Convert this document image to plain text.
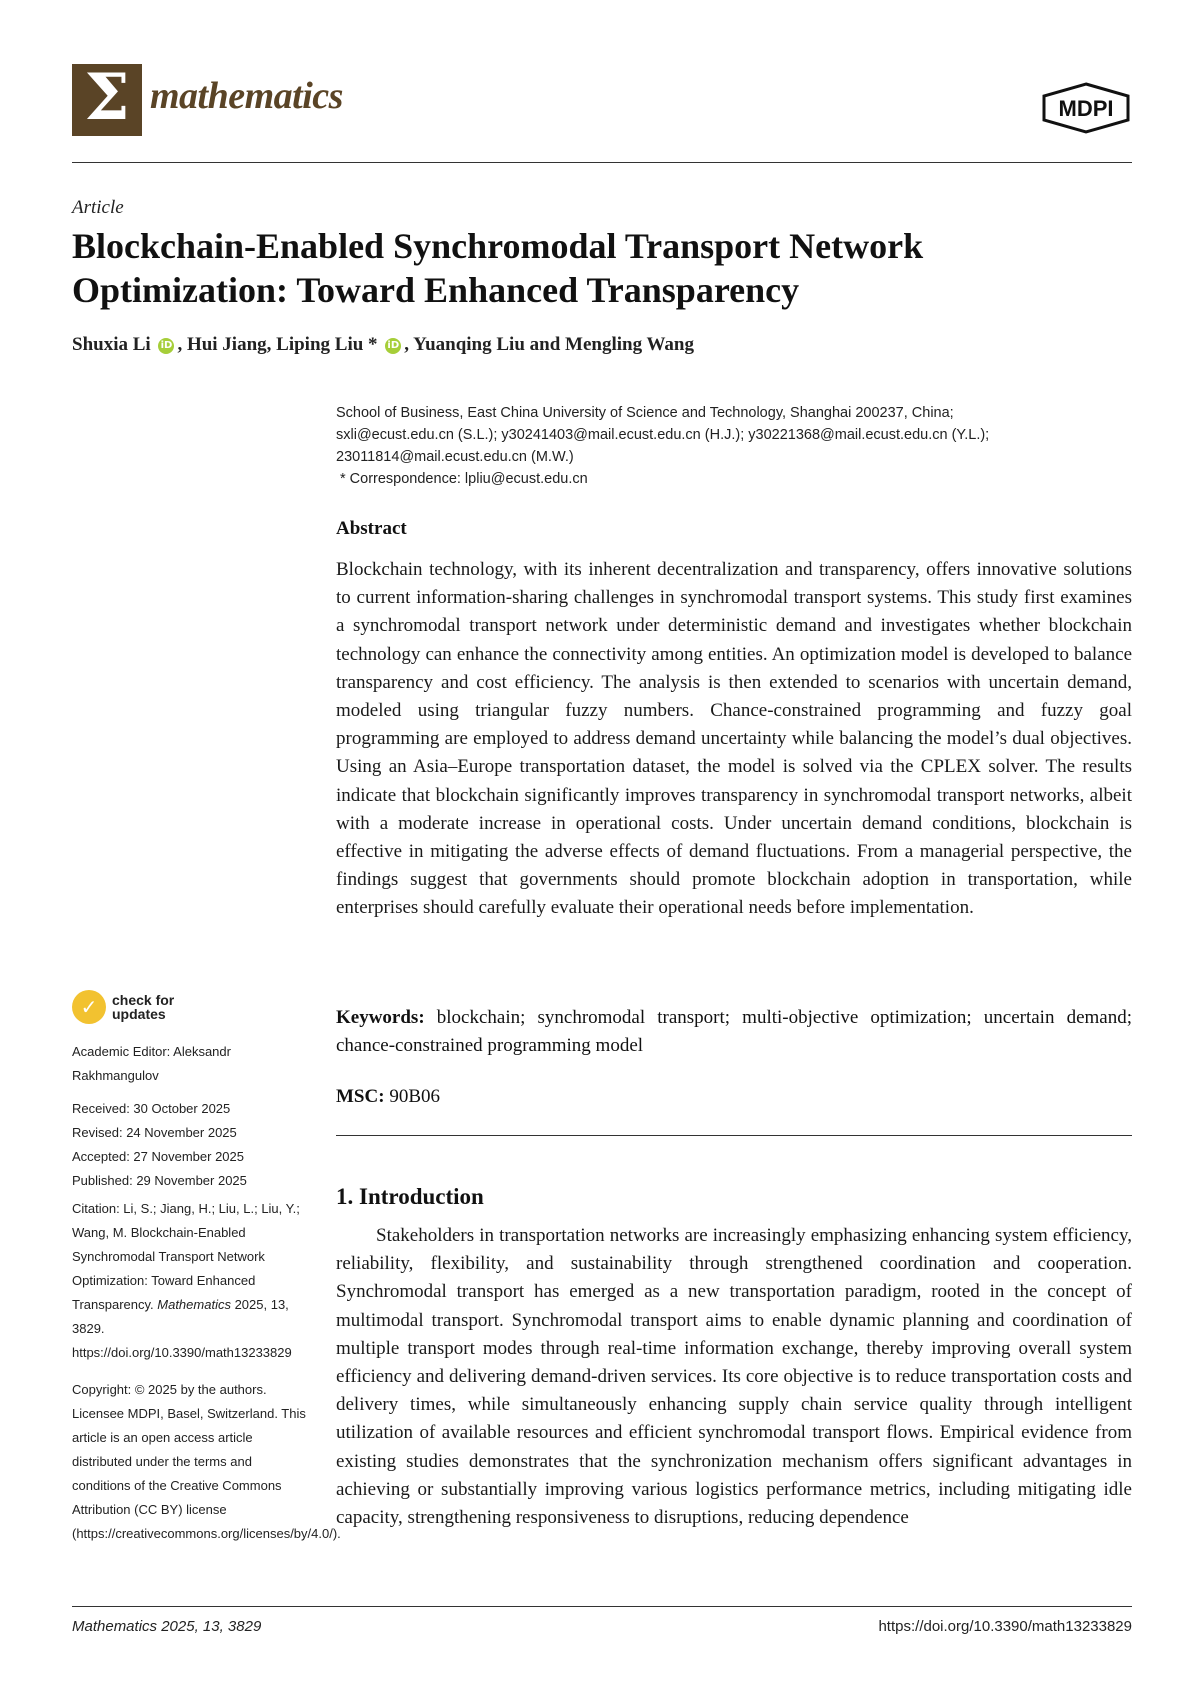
Σ mathematics	MDPI
Article
Blockchain-Enabled Synchromodal Transport Network Optimization: Toward Enhanced Transparency
Shuxia Li iD , Hui Jiang, Liping Liu * iD , Yuanqing Liu and Mengling Wang

School of Business, East China University of Science and Technology, Shanghai 200237, China;

sxli@ecust.edu.cn (S.L.); y30241403@mail.ecust.edu.cn (H.J.); y30221368@mail.ecust.edu.cn (Y.L.);

23011814@mail.ecust.edu.cn (M.W.)

* Correspondence: lpliu@ecust.edu.cn

Abstract

Blockchain technology, with its inherent decentralization and transparency, offers innovative solutions to current information-sharing challenges in synchromodal transport systems. This study first examines a synchromodal transport network under deterministic demand and investigates whether blockchain technology can enhance the connectivity among entities. An optimization model is developed to balance transparency and cost efficiency. The analysis is then extended to scenarios with uncertain demand, modeled using triangular fuzzy numbers. Chance-constrained programming and fuzzy goal programming are employed to address demand uncertainty while balancing the model’s dual objectives. Using an Asia–Europe transportation dataset, the model is solved via the CPLEX solver. The results indicate that blockchain significantly improves transparency in synchromodal transport networks, albeit with a moderate increase in operational costs. Under uncertain demand conditions, blockchain is effective in mitigating the adverse effects of demand fluctuations. From a managerial perspective, the findings suggest that governments should promote blockchain adoption in transportation, while enterprises should carefully evaluate their operational needs before implementation.

Keywords: blockchain; synchromodal transport; multi-objective optimization; uncertain demand; chance-constrained programming model

MSC: 90B06
1. Introduction

Stakeholders in transportation networks are increasingly emphasizing enhancing system efficiency, reliability, flexibility, and sustainability through strengthened coordination and cooperation. Synchromodal transport has emerged as a new transportation paradigm, rooted in the concept of multimodal transport. Synchromodal transport aims to enable dynamic planning and coordination of multiple transport modes through real-time information exchange, thereby improving overall system efficiency and delivering demand-driven services. Its core objective is to reduce transportation costs and delivery times, while simultaneously enhancing supply chain service quality through intelligent utilization of available resources and efficient synchromodal transport flows. Empirical evidence from existing studies demonstrates that the synchronization mechanism offers significant advantages in achieving or substantially improving various logistics performance metrics, including mitigating idle capacity, strengthening responsiveness to disruptions, reducing dependence

✓	check for updates
Academic Editor: Aleksandr Rakhmangulov

Received: 30 October 2025

Revised: 24 November 2025

Accepted: 27 November 2025

Published: 29 November 2025

Citation: Li, S.; Jiang, H.; Liu, L.; Liu, Y.; Wang, M. Blockchain-Enabled Synchromodal Transport Network Optimization: Toward Enhanced Transparency. Mathematics 2025, 13, 3829. https://doi.org/10.3390/math13233829
Copyright: © 2025 by the authors. Licensee MDPI, Basel, Switzerland. This article is an open access article distributed under the terms and conditions of the Creative Commons Attribution (CC BY) license (https://creativecommons.org/licenses/by/4.0/).
Mathematics 2025, 13, 3829	https://doi.org/10.3390/math13233829
